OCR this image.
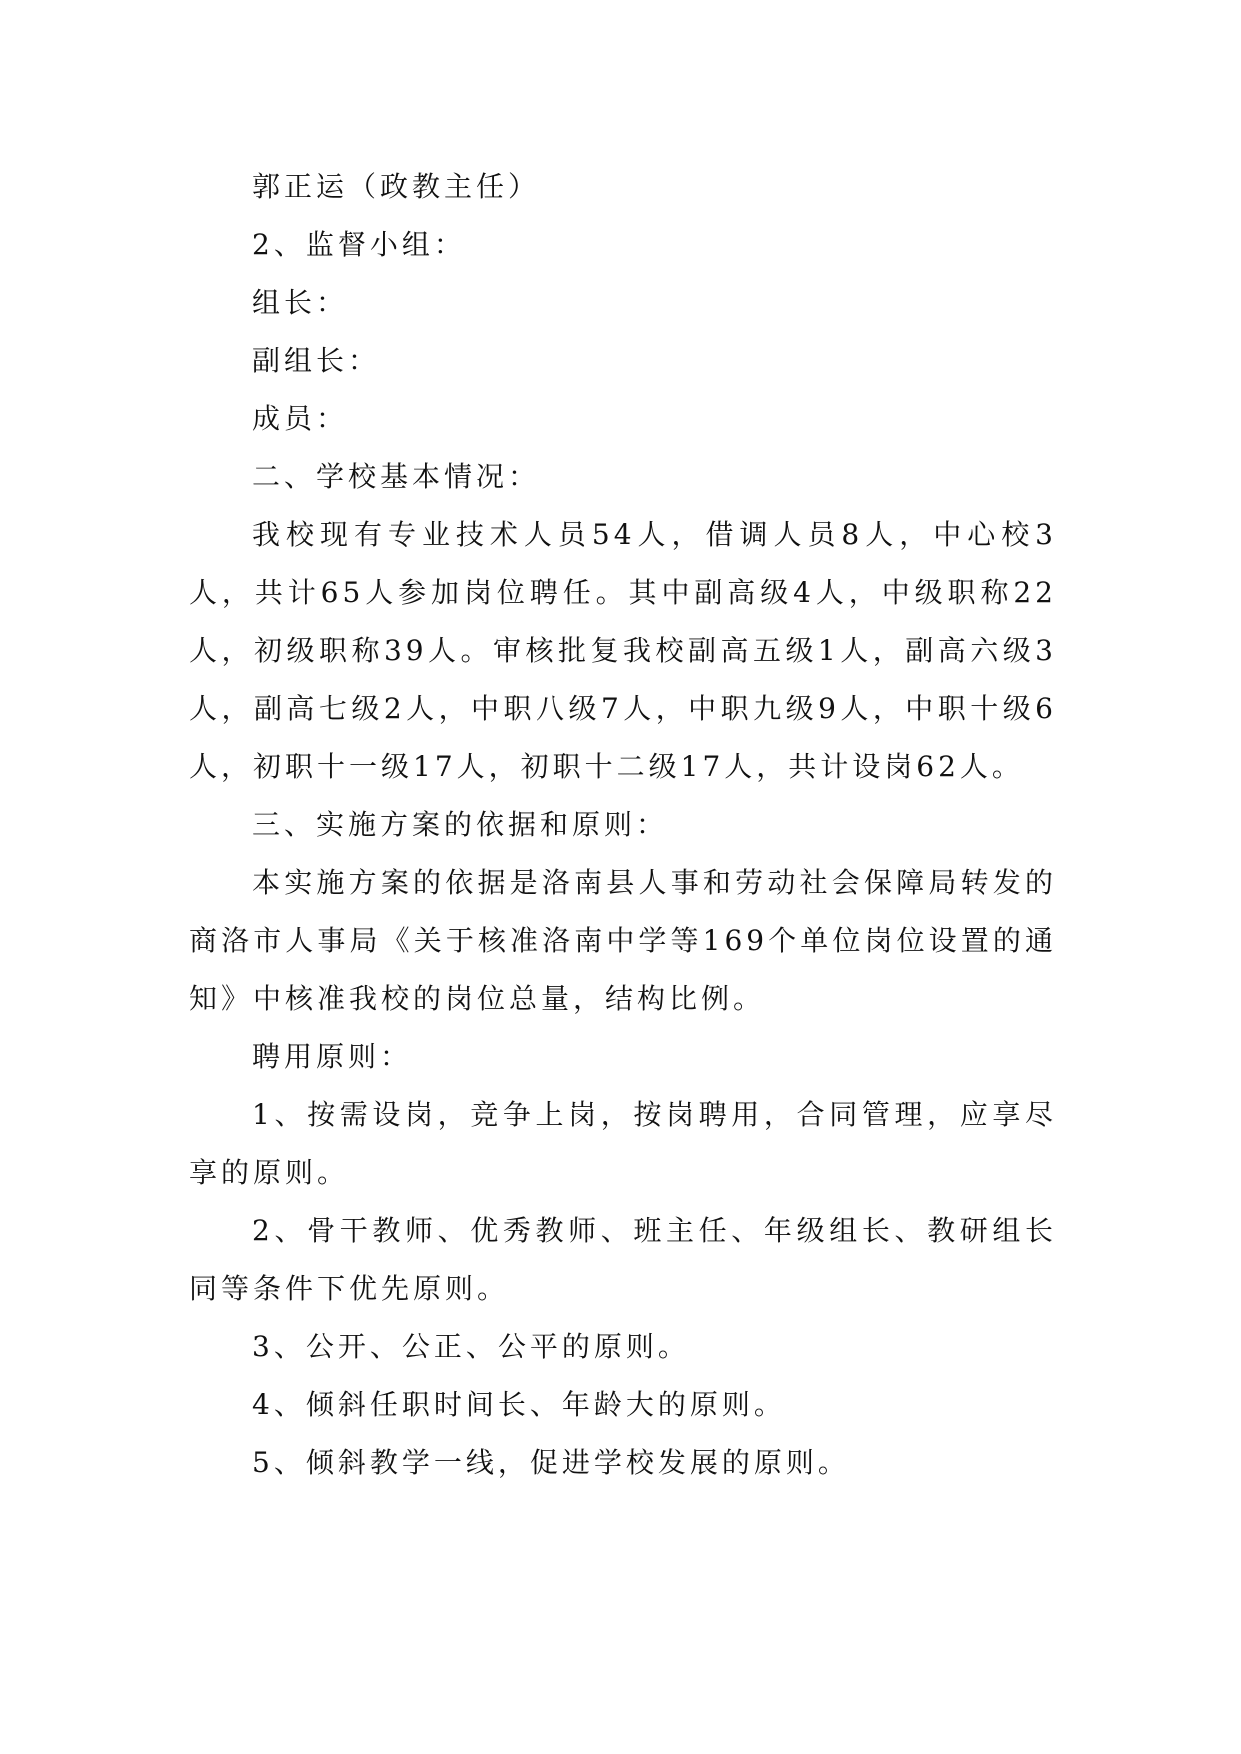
郭正运（政教主任）

2、监督小组：

组长：

副组长：

成员：

二、学校基本情况：

我校现有专业技术人员54人，借调人员8人，中心校3人，共计65人参加岗位聘任。其中副高级4人，中级职称22人，初级职称39人。审核批复我校副高五级1人，副高六级3人，副高七级2人，中职八级7人，中职九级9人，中职十级6人，初职十一级17人，初职十二级17人，共计设岗62人。

三、实施方案的依据和原则：

本实施方案的依据是洛南县人事和劳动社会保障局转发的商洛市人事局《关于核准洛南中学等169个单位岗位设置的通知》中核准我校的岗位总量，结构比例。

聘用原则：

1、按需设岗，竞争上岗，按岗聘用，合同管理，应享尽享的原则。

2、骨干教师、优秀教师、班主任、年级组长、教研组长同等条件下优先原则。

3、公开、公正、公平的原则。

4、倾斜任职时间长、年龄大的原则。

5、倾斜教学一线，促进学校发展的原则。
